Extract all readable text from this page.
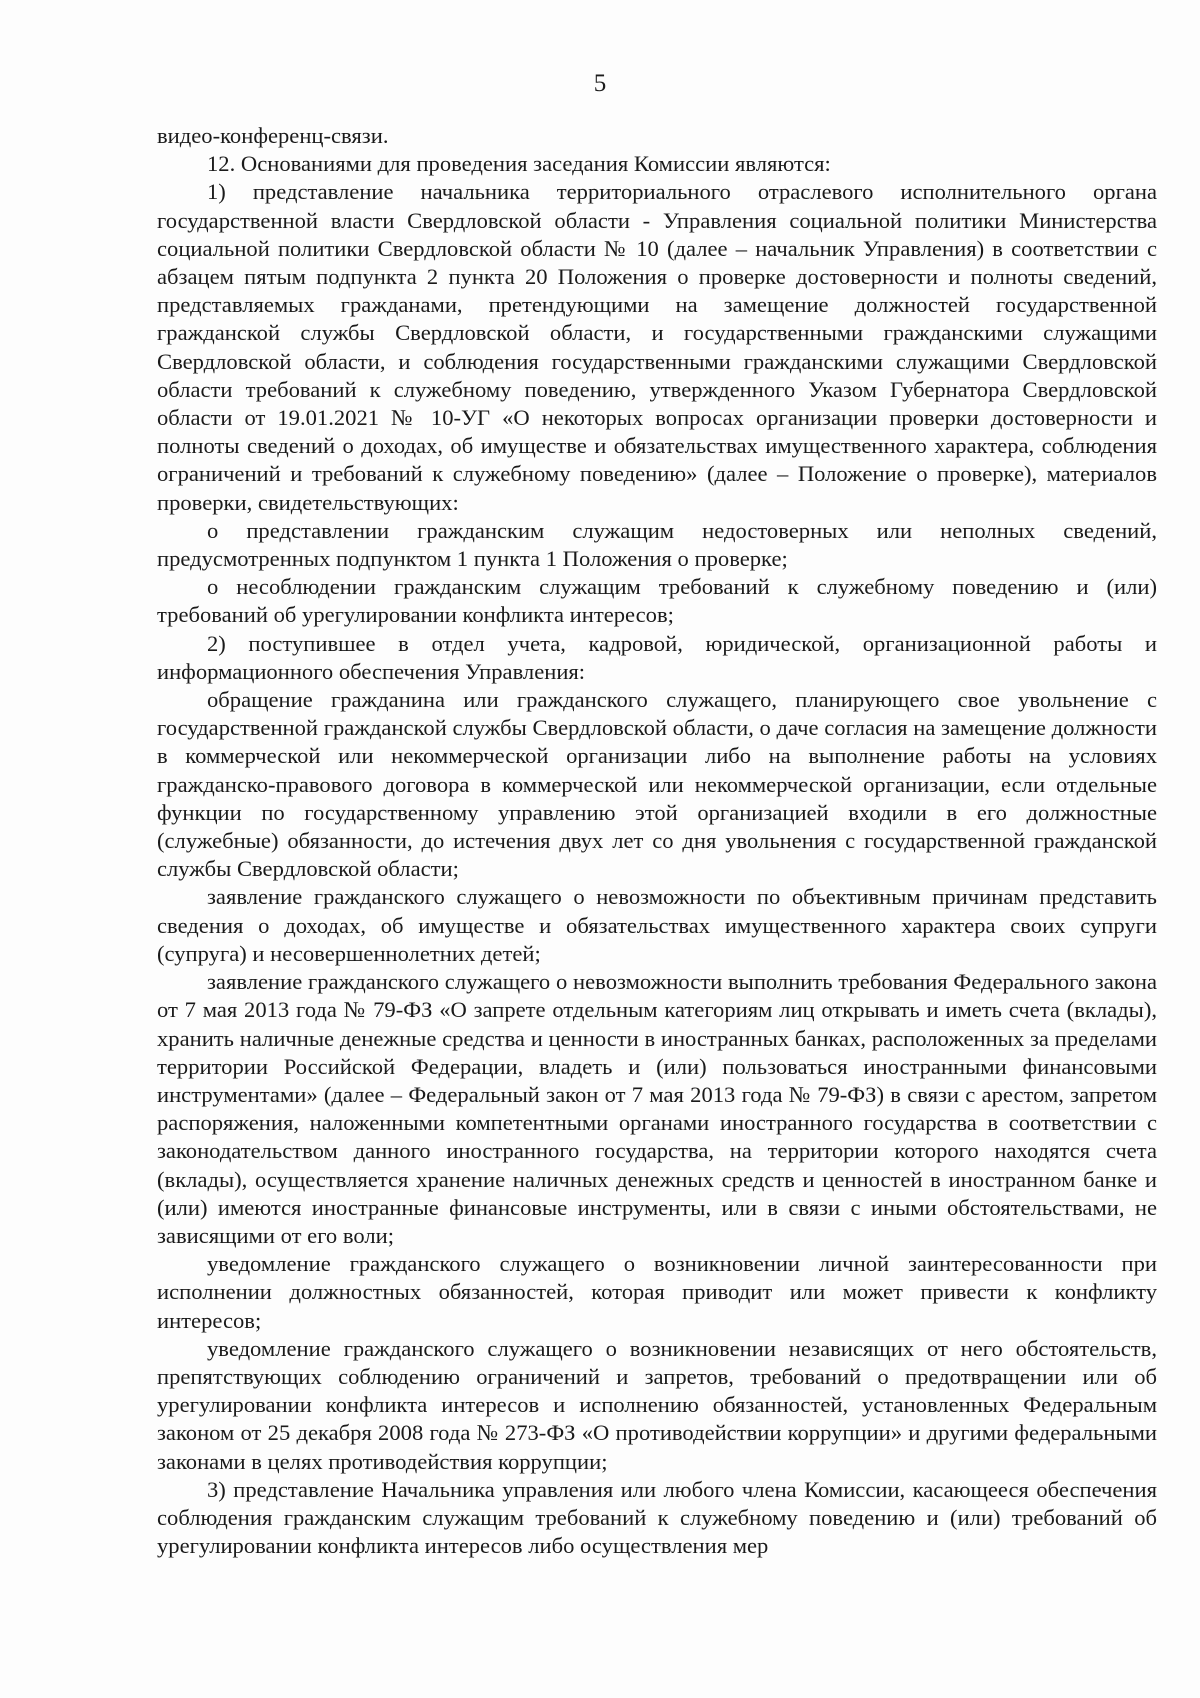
5

видео-конференц-связи.

12. Основаниями для проведения заседания Комиссии являются:

1) представление начальника территориального отраслевого исполнительного органа государственной власти Свердловской области - Управления социальной политики Министерства социальной политики Свердловской области № 10 (далее – начальник Управления) в соответствии с абзацем пятым подпункта 2 пункта 20 Положения о проверке достоверности и полноты сведений, представляемых гражданами, претендующими на замещение должностей государственной гражданской службы Свердловской области, и государственными гражданскими служащими Свердловской области, и соблюдения государственными гражданскими служащими Свердловской области требований к служебному поведению, утвержденного Указом Губернатора Свердловской области от 19.01.2021 № 10-УГ «О некоторых вопросах организации проверки достоверности и полноты сведений о доходах, об имуществе и обязательствах имущественного характера, соблюдения ограничений и требований к служебному поведению» (далее – Положение о проверке), материалов проверки, свидетельствующих:

о представлении гражданским служащим недостоверных или неполных сведений, предусмотренных подпунктом 1 пункта 1 Положения о проверке;

о несоблюдении гражданским служащим требований к служебному поведению и (или) требований об урегулировании конфликта интересов;

2) поступившее в отдел учета, кадровой, юридической, организационной работы и информационного обеспечения Управления:

обращение гражданина или гражданского служащего, планирующего свое увольнение с государственной гражданской службы Свердловской области, о даче согласия на замещение должности в коммерческой или некоммерческой организации либо на выполнение работы на условиях гражданско-правового договора в коммерческой или некоммерческой организации, если отдельные функции по государственному управлению этой организацией входили в его должностные (служебные) обязанности, до истечения двух лет со дня увольнения с государственной гражданской службы Свердловской области;

заявление гражданского служащего о невозможности по объективным причинам представить сведения о доходах, об имуществе и обязательствах имущественного характера своих супруги (супруга) и несовершеннолетних детей;

заявление гражданского служащего о невозможности выполнить требования Федерального закона от 7 мая 2013 года № 79-ФЗ «О запрете отдельным категориям лиц открывать и иметь счета (вклады), хранить наличные денежные средства и ценности в иностранных банках, расположенных за пределами территории Российской Федерации, владеть и (или) пользоваться иностранными финансовыми инструментами» (далее – Федеральный закон от 7 мая 2013 года № 79-ФЗ) в связи с арестом, запретом распоряжения, наложенными компетентными органами иностранного государства в соответствии с законодательством данного иностранного государства, на территории которого находятся счета (вклады), осуществляется хранение наличных денежных средств и ценностей в иностранном банке и (или) имеются иностранные финансовые инструменты, или в связи с иными обстоятельствами, не зависящими от его воли;

уведомление гражданского служащего о возникновении личной заинтересованности при исполнении должностных обязанностей, которая приводит или может привести к конфликту интересов;

уведомление гражданского служащего о возникновении независящих от него обстоятельств, препятствующих соблюдению ограничений и запретов, требований о предотвращении или об урегулировании конфликта интересов и исполнению обязанностей, установленных Федеральным законом от 25 декабря 2008 года № 273-ФЗ «О противодействии коррупции» и другими федеральными законами в целях противодействия коррупции;

3) представление Начальника управления или любого члена Комиссии, касающееся обеспечения соблюдения гражданским служащим требований к служебному поведению и (или) требований об урегулировании конфликта интересов либо осуществления мер
